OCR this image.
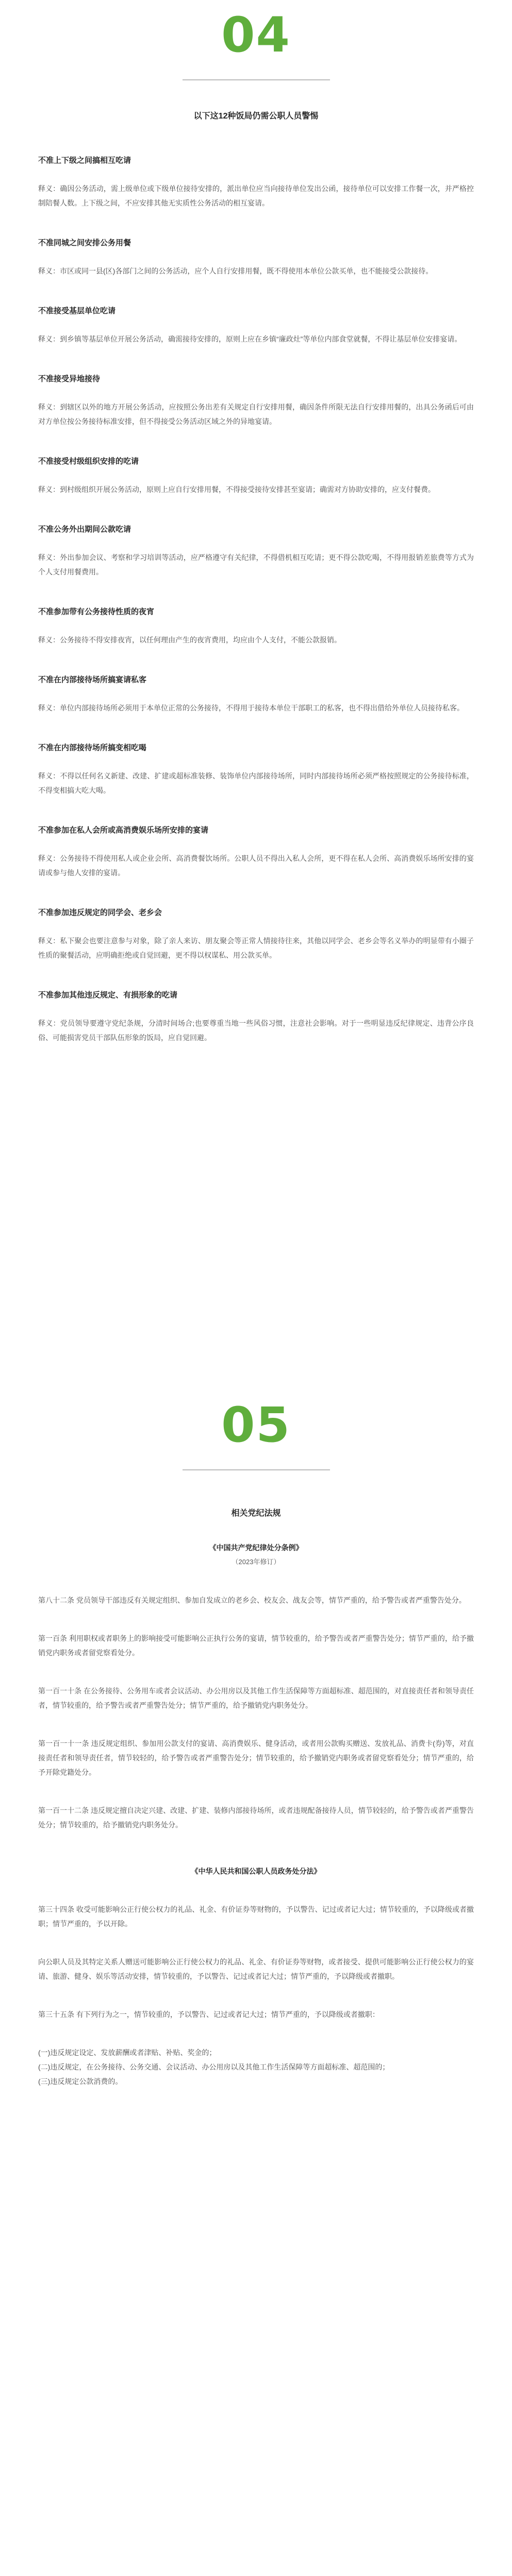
04
以下这12种饭局仍需公职人员警惕

不准上下级之间搞相互吃请

释义：确因公务活动，需上级单位或下级单位接待安排的，派出单位应当向接待单位发出公函，接待单位可以安排工作餐一次，并严格控制陪餐人数。上下级之间，不应安排其他无实质性公务活动的相互宴请。

不准同城之间安排公务用餐

释义：市区或同一县(区)各部门之间的公务活动，应个人自行安排用餐，既不得使用本单位公款买单，也不能接受公款接待。

不准接受基层单位吃请

释义：到乡镇等基层单位开展公务活动，确需接待安排的，原则上应在乡镇“廉政灶”等单位内部食堂就餐，不得让基层单位安排宴请。

不准接受异地接待

释义：到辖区以外的地方开展公务活动，应按照公务出差有关规定自行安排用餐，确因条件所限无法自行安排用餐的，出具公务函后可由对方单位按公务接待标准安排，但不得接受公务活动区域之外的异地宴请。

不准接受村级组织安排的吃请

释义：到村级组织开展公务活动，原则上应自行安排用餐，不得接受接待安排甚至宴请；确需对方协助安排的，应支付餐费。

不准公务外出期间公款吃请

释义：外出参加会议、考察和学习培训等活动，应严格遵守有关纪律，不得借机相互吃请；更不得公款吃喝，不得用报销差旅费等方式为个人支付用餐费用。

不准参加带有公务接待性质的夜宵

释义：公务接待不得安排夜宵，以任何理由产生的夜宵费用，均应由个人支付，不能公款报销。

不准在内部接待场所搞宴请私客

释义：单位内部接待场所必须用于本单位正常的公务接待，不得用于接待本单位干部职工的私客，也不得出借给外单位人员接待私客。

不准在内部接待场所搞变相吃喝

释义：不得以任何名义新建、改建、扩建或超标准装修、装饰单位内部接待场所，同时内部接待场所必须严格按照规定的公务接待标准，不得变相搞大吃大喝。

不准参加在私人会所或高消费娱乐场所安排的宴请

释义：公务接待不得使用私人或企业会所、高消费餐饮场所。公职人员不得出入私人会所，更不得在私人会所、高消费娱乐场所安排的宴请或参与他人安排的宴请。

不准参加违反规定的同学会、老乡会

释义：私下聚会也要注意参与对象，除了亲人来访、朋友聚会等正常人情接待往来，其他以同学会、老乡会等名义举办的明显带有小圈子性质的聚餐活动，应明确拒绝或自觉回避，更不得以权谋私、用公款买单。

不准参加其他违反规定、有损形象的吃请

释义：党员领导要遵守党纪条规，分清时间场合;也要尊重当地一些风俗习惯，注意社会影响。对于一些明显违反纪律规定、违背公序良俗、可能损害党员干部队伍形象的饭局，应自觉回避。

05
相关党纪法规

《中国共产党纪律处分条例》

（2023年修订）

第八十二条 党员领导干部违反有关规定组织、参加自发成立的老乡会、校友会、战友会等，情节严重的，给予警告或者严重警告处分。

第一百条 利用职权或者职务上的影响接受可能影响公正执行公务的宴请，情节较重的，给予警告或者严重警告处分；情节严重的，给予撤销党内职务或者留党察看处分。

第一百一十条 在公务接待、公务用车或者会议活动、办公用房以及其他工作生活保障等方面超标准、超范围的，对直接责任者和领导责任者，情节较重的，给予警告或者严重警告处分；情节严重的，给予撤销党内职务处分。

第一百一十一条 违反规定组织、参加用公款支付的宴请、高消费娱乐、健身活动，或者用公款购买赠送、发放礼品、消费卡(券)等，对直接责任者和领导责任者，情节较轻的，给予警告或者严重警告处分；情节较重的，给予撤销党内职务或者留党察看处分；情节严重的，给予开除党籍处分。

第一百一十二条 违反规定擅自决定兴建、改建、扩建、装修内部接待场所，或者违规配备接待人员，情节较轻的，给予警告或者严重警告处分；情节较重的，给予撤销党内职务处分。

《中华人民共和国公职人员政务处分法》

第三十四条 收受可能影响公正行使公权力的礼品、礼金、有价证券等财物的，予以警告、记过或者记大过；情节较重的，予以降级或者撤职；情节严重的，予以开除。

向公职人员及其特定关系人赠送可能影响公正行使公权力的礼品、礼金、有价证券等财物，或者接受、提供可能影响公正行使公权力的宴请、旅游、健身、娱乐等活动安排，情节较重的，予以警告、记过或者记大过；情节严重的，予以降级或者撤职。

第三十五条 有下列行为之一，情节较重的，予以警告、记过或者记大过；情节严重的，予以降级或者撤职：

(一)违反规定设定、发放薪酬或者津贴、补贴、奖金的；

(二)违反规定，在公务接待、公务交通、会议活动、办公用房以及其他工作生活保障等方面超标准、超范围的；

(三)违反规定公款消费的。
